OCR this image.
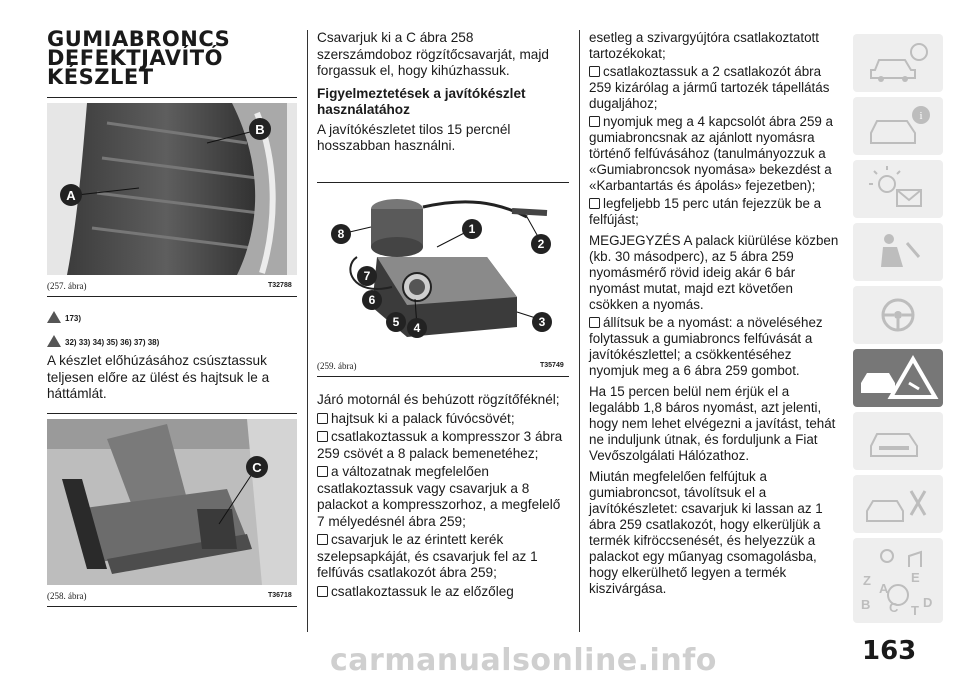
GUMIABRONCS
DEFEKTJAVÍTÓ
KÉSZLET
A
B
(257. ábra)	T32788
173)
32) 33) 34) 35) 36) 37) 38)

A készlet előhúzásához csúsztassuk teljesen előre az ülést és hajtsuk le a háttámlát.

C
(258. ábra)	T36718

Csavarjuk ki a C ábra 258 szerszámdoboz rögzítőcsavarját, majd forgassuk el, hogy kihúzhassuk.

Figyelmeztetések a javítókészlet használatához

A javítókészletet tilos 15 percnél hosszabban használni.

1
2
3
4
5
6
7
8
(259. ábra)	T35749

Járó motornál és behúzott rögzítőféknél;

hajtsuk ki a palack fúvócsövét;
csatlakoztassuk a kompresszor 3 ábra 259 csövét a 8 palack bemenetéhez;
a változatnak megfelelően csatlakoztassuk vagy csavarjuk a 8 palackot a kompresszorhoz, a megfelelő 7 mélyedésnél ábra 259;
csavarjuk le az érintett kerék szelepsapkáját, és csavarjuk fel az 1 felfúvás csatlakozót ábra 259;
csatlakoztassuk le az előzőleg
esetleg a szivargyújtóra csatlakoztatott tartozékokat;
csatlakoztassuk a 2 csatlakozót ábra 259 kizárólag a jármű tartozék tápellátás dugaljához;
nyomjuk meg a 4 kapcsolót ábra 259 a gumiabroncsnak az ajánlott nyomásra történő felfúvásához (tanulmányozzuk a «Gumiabroncsok nyomása» bekezdést a «Karbantartás és ápolás» fejezetben);
legfeljebb 15 perc után fejezzük be a felfújást;
MEGJEGYZÉS A palack kiürülése közben (kb. 30 másodperc), az 5 ábra 259 nyomásmérő rövid ideig akár 6 bár nyomást mutat, majd ezt követően csökken a nyomás.
állítsuk be a nyomást: a növeléséhez folytassuk a gumiabroncs felfúvását a javítókészlettel; a csökkentéséhez nyomjuk meg a 6 ábra 259 gombot.
Ha 15 percen belül nem érjük el a legalább 1,8 báros nyomást, azt jelenti, hogy nem lehet elvégezni a javítást, tehát ne induljunk útnak, és forduljunk a Fiat Vevőszolgálati Hálózathoz.
Miután megfelelően felfújtuk a gumiabroncsot, távolítsuk el a javítókészletet: csavarjuk ki lassan az 1 ábra 259 csatlakozót, hogy elkerüljük a termék kifröccsenését, és helyezzük a palackot egy műanyag csomagolásba, hogy elkerülhető legyen a termék kiszivárgása.
i
Z	E
A
B C T
D
163
carmanualsonline.info
